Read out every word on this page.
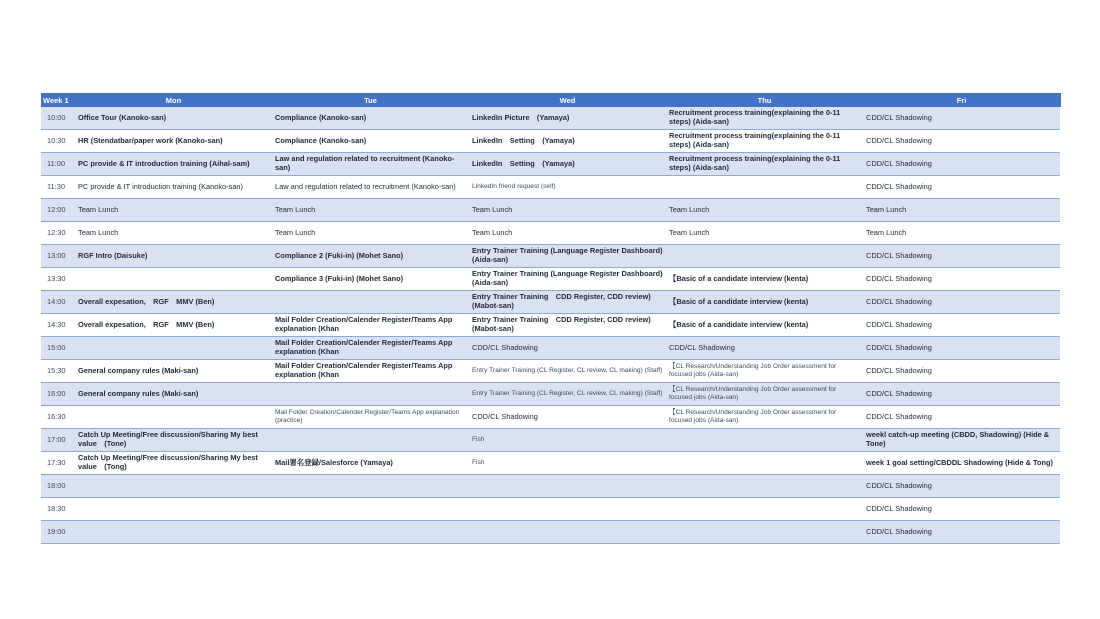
Week 1	Mon	Tue	Wed	Thu	Fri
10:00	Office Tour (Kanoko-san)	Compliance (Kanoko-san)	LinkedIn Picture　(Yamaya)	Recruitment process training(explaining the 0-11 steps) (Aida-san)	CDD/CL Shadowing
10:30	HR (Stendatbar/paper work (Kanoko-san)	Compliance (Kanoko-san)	LinkedIn　Setting　(Yamaya)	Recruitment process training(explaining the 0-11 steps) (Aida-san)	CDD/CL Shadowing
11:00	PC provide & IT introduction training (Aihal-sam)	Law and regulation related to recruitment (Kanoko-san)	LinkedIn　Setting　(Yamaya)	Recruitment process training(explaining the 0-11 steps) (Aida-san)	CDD/CL Shadowing
11:30	PC provide & IT introduction training (Kanoko-san)	Law and regulation related to recruitment (Kanoko-san)	LinkedIn friend request (self)		CDD/CL Shadowing
12:00	Team Lunch	Team Lunch	Team Lunch	Team Lunch	Team Lunch
12:30	Team Lunch	Team Lunch	Team Lunch	Team Lunch	Team Lunch
13:00	RGF Intro (Daisuke)	Compliance 2 (Fuki-in) (Mohet Sano)	Entry Trainer Training (Language Register Dashboard) (Aida-san)		CDD/CL Shadowing
13:30		Compliance 3 (Fuki-in) (Mohet Sano)	Entry Trainer Training (Language Register Dashboard) (Aida-san)	【Basic of a candidate interview (kenta)	CDD/CL Shadowing
14:00	Overall expesation,　RGF　MMV (Ben)		Entry Trainer Training　CDD Register, CDD review) (Mabot-san)	【Basic of a candidate interview (kenta)	CDD/CL Shadowing
14:30	Overall expesation,　RGF　MMV (Ben)	Mail Folder Creation/Calender Register/Teams App explanation (Khan	Entry Trainer Training　CDD Register, CDD review) (Mabot-san)	【Basic of a candidate interview (kenta)	CDD/CL Shadowing
15:00		Mail Folder Creation/Calender Register/Teams App explanation (Khan	CDD/CL Shadowing	CDD/CL Shadowing	CDD/CL Shadowing
15:30	General company rules (Maki-san)	Mail Folder Creation/Calender Register/Teams App explanation (Khan	Entry Trainer Training (CL Register, CL review, CL making) (Staff)	【CL Research/Understanding Job Order assessment for focused jobs (Aida-san)	CDD/CL Shadowing
16:00	General company rules (Maki-san)		Entry Trainer Training (CL Register, CL review, CL making) (Staff)	【CL Research/Understanding Job Order assessment for focused jobs (Aida-san)	CDD/CL Shadowing
16:30		Mail Folder Creation/Calender Register/Teams App explanation (practice)	CDD/CL Shadowing	【CL Research/Understanding Job Order assessment for focused jobs (Aida-san)	CDD/CL Shadowing
17:00	Catch Up Meeting/Free discussion/Sharing My best value　(Tone)		Fish		weekl catch-up meeting (CBDD, Shadowing) (Hide & Tone)
17:30	Catch Up Meeting/Free discussion/Sharing My best value　(Tong)	Mail署名登録/Salesforce (Yamaya)	Fish		week 1 goal setting/CBDDL Shadowing (Hide & Tong)
18:00					CDD/CL Shadowing
18:30					CDD/CL Shadowing
19:00					CDD/CL Shadowing
